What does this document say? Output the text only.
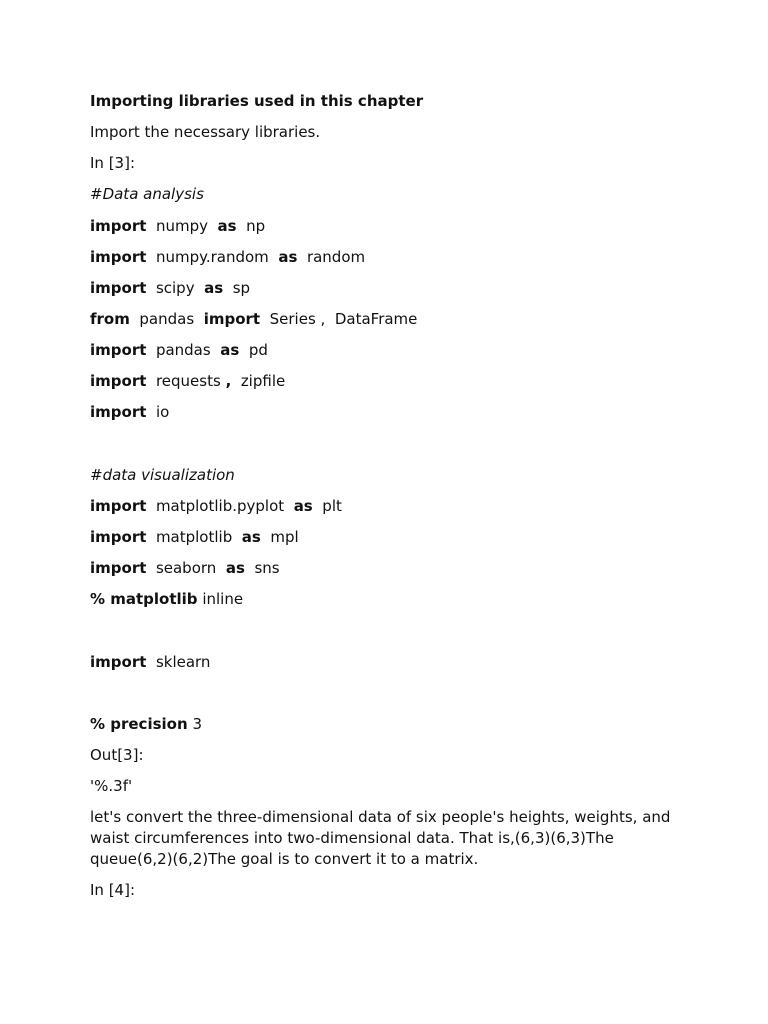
Importing libraries used in this chapter
Import the necessary libraries.
In [3]:
#Data analysis
import numpy as np
import numpy.random as random
import scipy as sp
from pandas import Series ,  DataFrame
import pandas as pd
import requests , zipfile
import io
#data visualization
import matplotlib.pyplot as plt
import matplotlib as mpl
import seaborn as sns
% matplotlib inline
import sklearn
% precision 3
Out[3]:
'%.3f'
let's convert the three-dimensional data of six people's heights, weights, and waist circumferences into two-dimensional data. That is,(6,3)(6,3)The queue(6,2)(6,2)The goal is to convert it to a matrix.
In [4]:
